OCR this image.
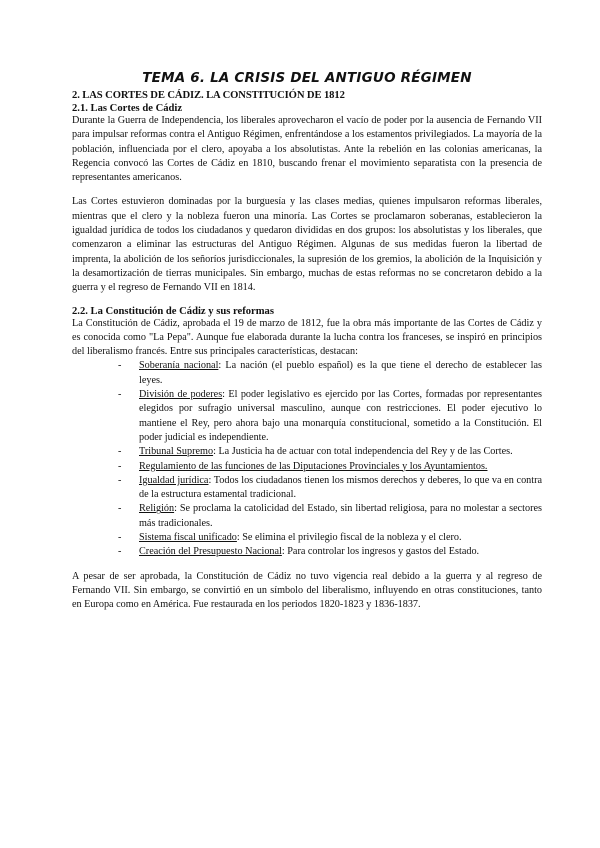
TEMA 6. LA CRISIS DEL ANTIGUO RÉGIMEN
2. LAS CORTES DE CÁDIZ. LA CONSTITUCIÓN DE 1812
2.1. Las Cortes de Cádiz

Durante la Guerra de Independencia, los liberales aprovecharon el vacío de poder por la ausencia de Fernando VII para impulsar reformas contra el Antiguo Régimen, enfrentándose a los estamentos privilegiados. La mayoría de la población, influenciada por el clero, apoyaba a los absolutistas. Ante la rebelión en las colonias americanas, la Regencia convocó las Cortes de Cádiz en 1810, buscando frenar el movimiento separatista con la presencia de representantes americanos.

Las Cortes estuvieron dominadas por la burguesía y las clases medias, quienes impulsaron reformas liberales, mientras que el clero y la nobleza fueron una minoría. Las Cortes se proclamaron soberanas, establecieron la igualdad jurídica de todos los ciudadanos y quedaron divididas en dos grupos: los absolutistas y los liberales, que comenzaron a eliminar las estructuras del Antiguo Régimen. Algunas de sus medidas fueron la libertad de imprenta, la abolición de los señoríos jurisdiccionales, la supresión de los gremios, la abolición de la Inquisición y la desamortización de tierras municipales. Sin embargo, muchas de estas reformas no se concretaron debido a la guerra y el regreso de Fernando VII en 1814.

2.2. La Constitución de Cádiz y sus reformas

La Constitución de Cádiz, aprobada el 19 de marzo de 1812, fue la obra más importante de las Cortes de Cádiz y es conocida como "La Pepa". Aunque fue elaborada durante la lucha contra los franceses, se inspiró en principios del liberalismo francés. Entre sus principales características, destacan:

- Soberanía nacional: La nación (el pueblo español) es la que tiene el derecho de establecer las leyes.
- División de poderes: El poder legislativo es ejercido por las Cortes, formadas por representantes elegidos por sufragio universal masculino, aunque con restricciones. El poder ejecutivo lo mantiene el Rey, pero ahora bajo una monarquía constitucional, sometido a la Constitución. El poder judicial es independiente.
- Tribunal Supremo: La Justicia ha de actuar con total independencia del Rey y de las Cortes.
- Regulamiento de las funciones de las Diputaciones Provinciales y los Ayuntamientos.
- Igualdad jurídica: Todos los ciudadanos tienen los mismos derechos y deberes, lo que va en contra de la estructura estamental tradicional.
- Religión: Se proclama la catolicidad del Estado, sin libertad religiosa, para no molestar a sectores más tradicionales.
- Sistema fiscal unificado: Se elimina el privilegio fiscal de la nobleza y el clero.
- Creación del Presupuesto Nacional: Para controlar los ingresos y gastos del Estado.

A pesar de ser aprobada, la Constitución de Cádiz no tuvo vigencia real debido a la guerra y al regreso de Fernando VII. Sin embargo, se convirtió en un símbolo del liberalismo, influyendo en otras constituciones, tanto en Europa como en América. Fue restaurada en los periodos 1820-1823 y 1836-1837.
